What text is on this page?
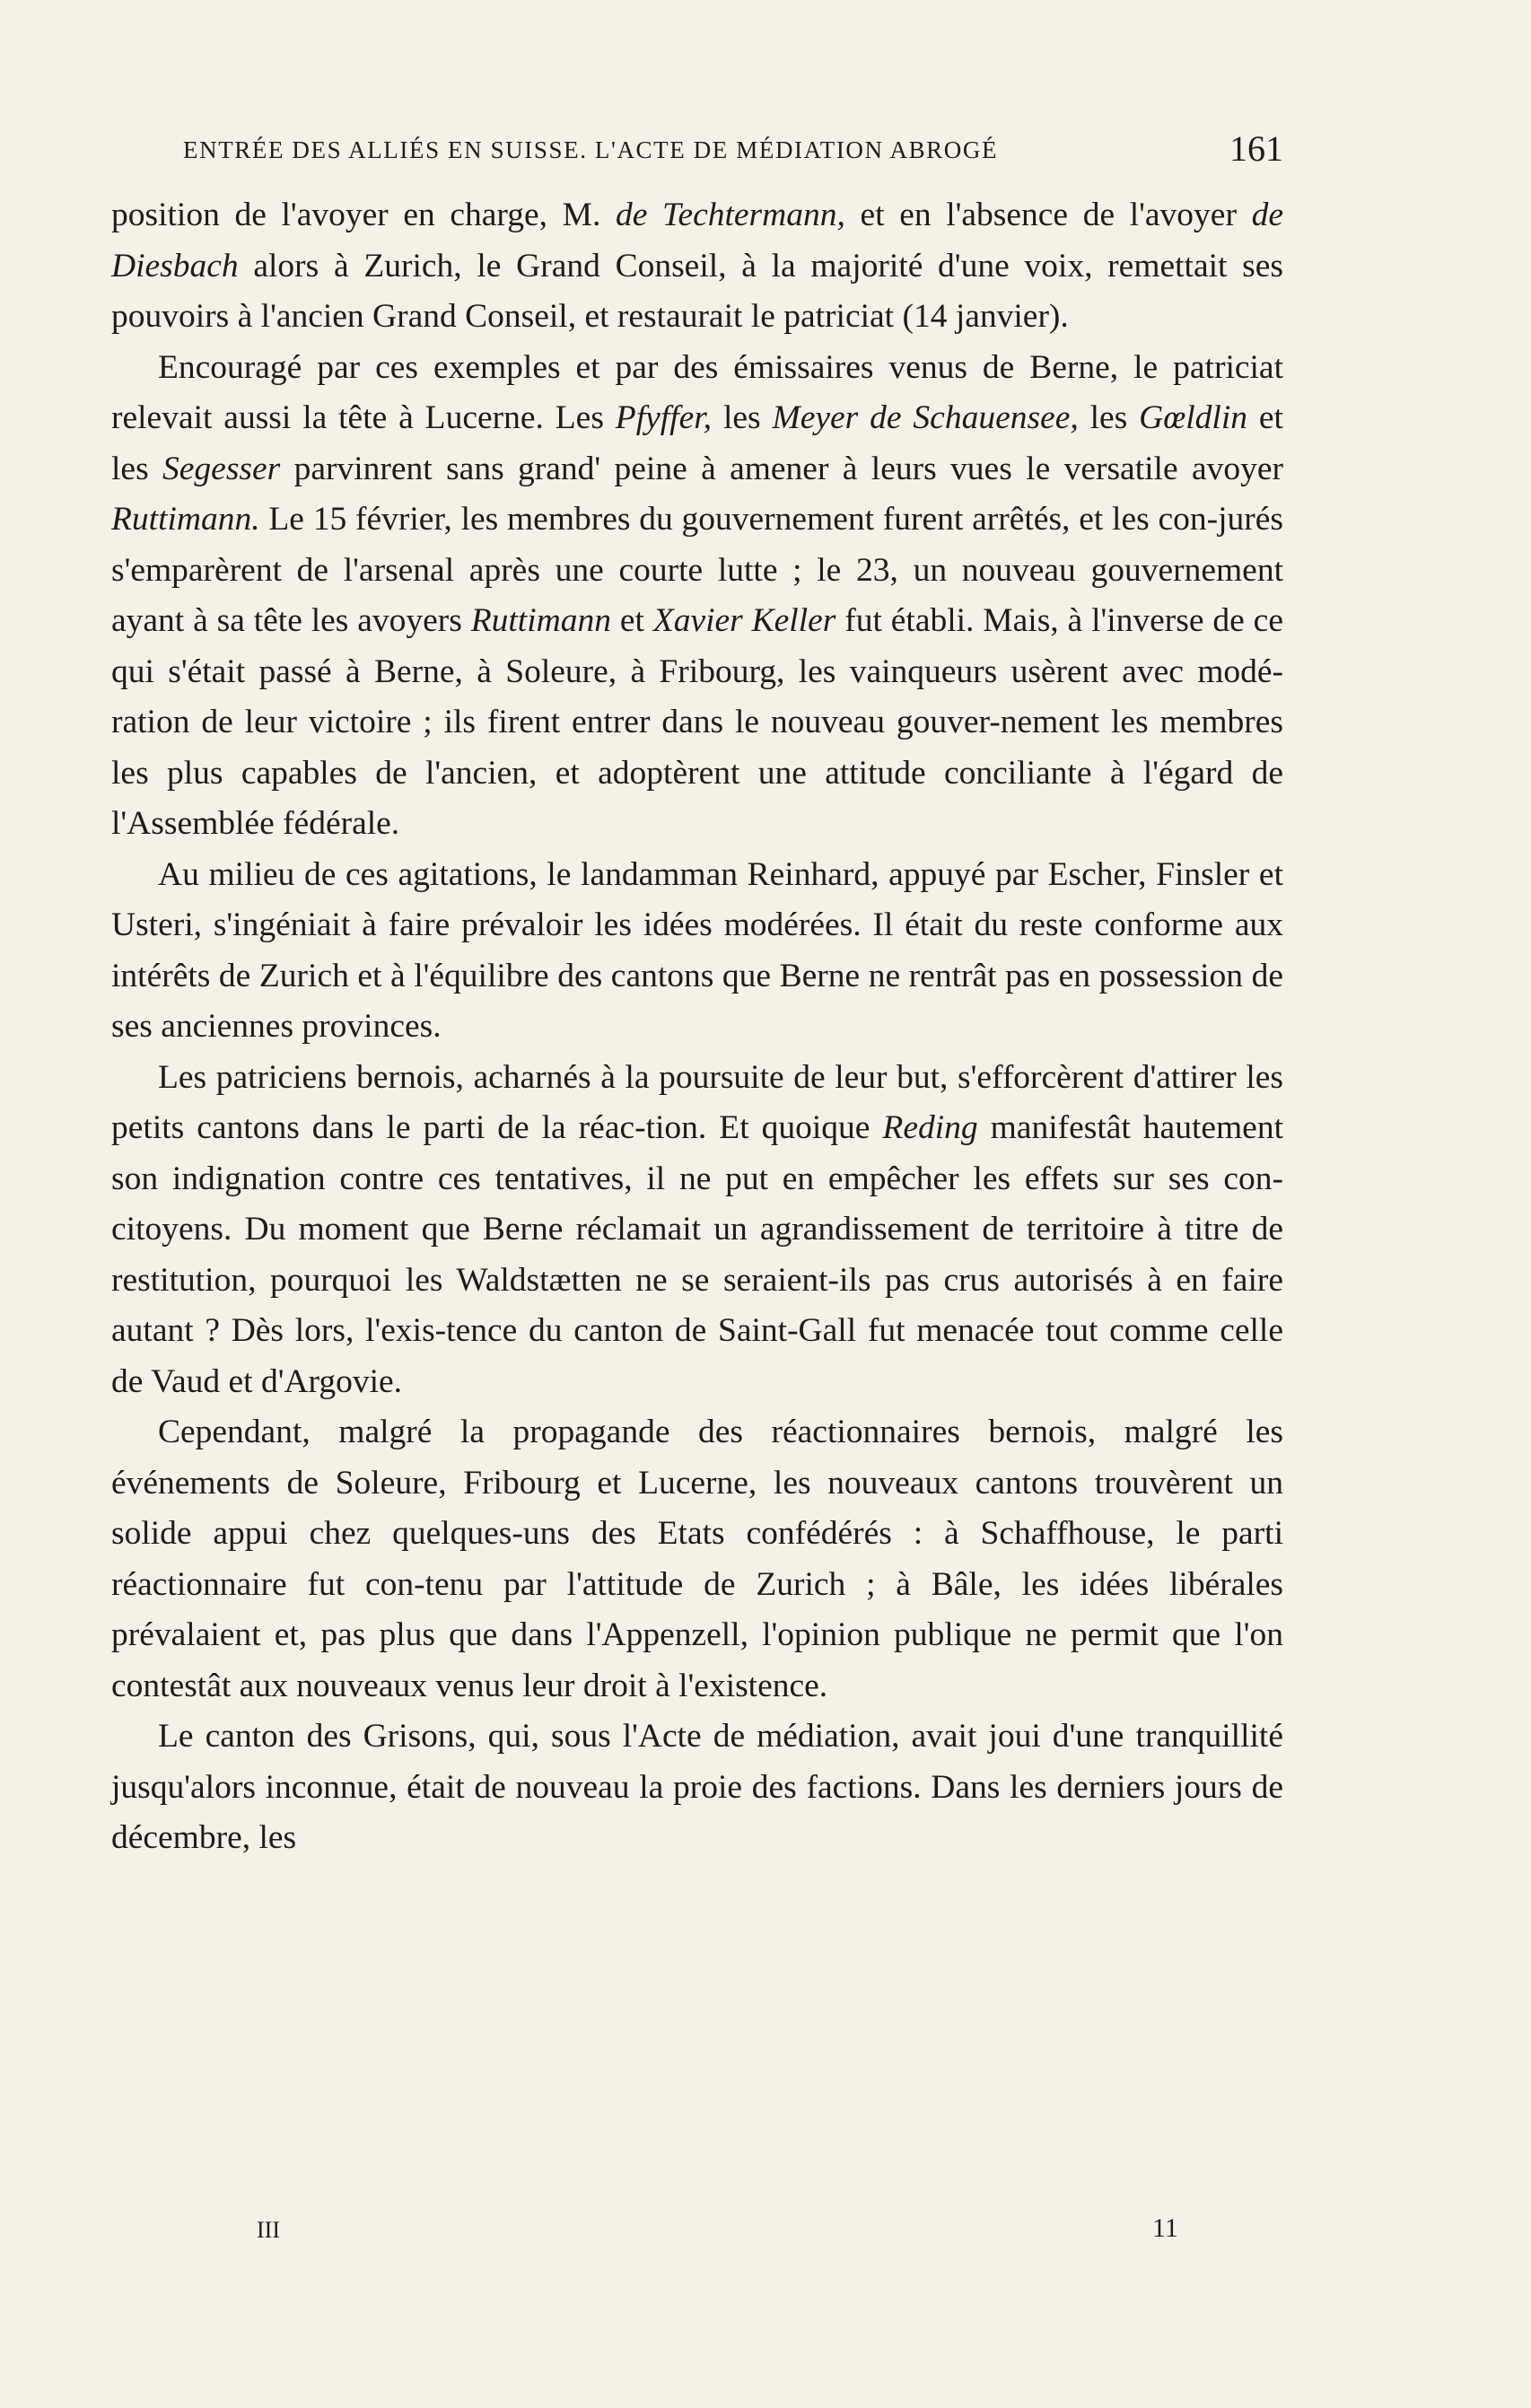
ENTRÉE DES ALLIÉS EN SUISSE. L'ACTE DE MÉDIATION ABROGÉ	161

position de l'avoyer en charge, M. de Techtermann, et en l'absence de l'avoyer de Diesbach alors à Zurich, le Grand Conseil, à la majorité d'une voix, remettait ses pouvoirs à l'ancien Grand Conseil, et restaurait le patriciat (14 janvier).

Encouragé par ces exemples et par des émissaires venus de Berne, le patriciat relevait aussi la tête à Lucerne. Les Pfyffer, les Meyer de Schauensee, les Gœldlin et les Segesser parvinrent sans grand' peine à amener à leurs vues le versatile avoyer Ruttimann. Le 15 février, les membres du gouvernement furent arrêtés, et les con-jurés s'emparèrent de l'arsenal après une courte lutte ; le 23, un nouveau gouvernement ayant à sa tête les avoyers Ruttimann et Xavier Keller fut établi. Mais, à l'inverse de ce qui s'était passé à Berne, à Soleure, à Fribourg, les vainqueurs usèrent avec modé-ration de leur victoire ; ils firent entrer dans le nouveau gouver-nement les membres les plus capables de l'ancien, et adoptèrent une attitude conciliante à l'égard de l'Assemblée fédérale.

Au milieu de ces agitations, le landamman Reinhard, appuyé par Escher, Finsler et Usteri, s'ingéniait à faire prévaloir les idées modérées. Il était du reste conforme aux intérêts de Zurich et à l'équilibre des cantons que Berne ne rentrât pas en possession de ses anciennes provinces.

Les patriciens bernois, acharnés à la poursuite de leur but, s'efforcèrent d'attirer les petits cantons dans le parti de la réac-tion. Et quoique Reding manifestât hautement son indignation contre ces tentatives, il ne put en empêcher les effets sur ses con-citoyens. Du moment que Berne réclamait un agrandissement de territoire à titre de restitution, pourquoi les Waldstætten ne se seraient-ils pas crus autorisés à en faire autant ? Dès lors, l'exis-tence du canton de Saint-Gall fut menacée tout comme celle de Vaud et d'Argovie.

Cependant, malgré la propagande des réactionnaires bernois, malgré les événements de Soleure, Fribourg et Lucerne, les nouveaux cantons trouvèrent un solide appui chez quelques-uns des Etats confédérés : à Schaffhouse, le parti réactionnaire fut con-tenu par l'attitude de Zurich ; à Bâle, les idées libérales prévalaient et, pas plus que dans l'Appenzell, l'opinion publique ne permit que l'on contestât aux nouveaux venus leur droit à l'existence.

Le canton des Grisons, qui, sous l'Acte de médiation, avait joui d'une tranquillité jusqu'alors inconnue, était de nouveau la proie des factions. Dans les derniers jours de décembre, les

III	11
